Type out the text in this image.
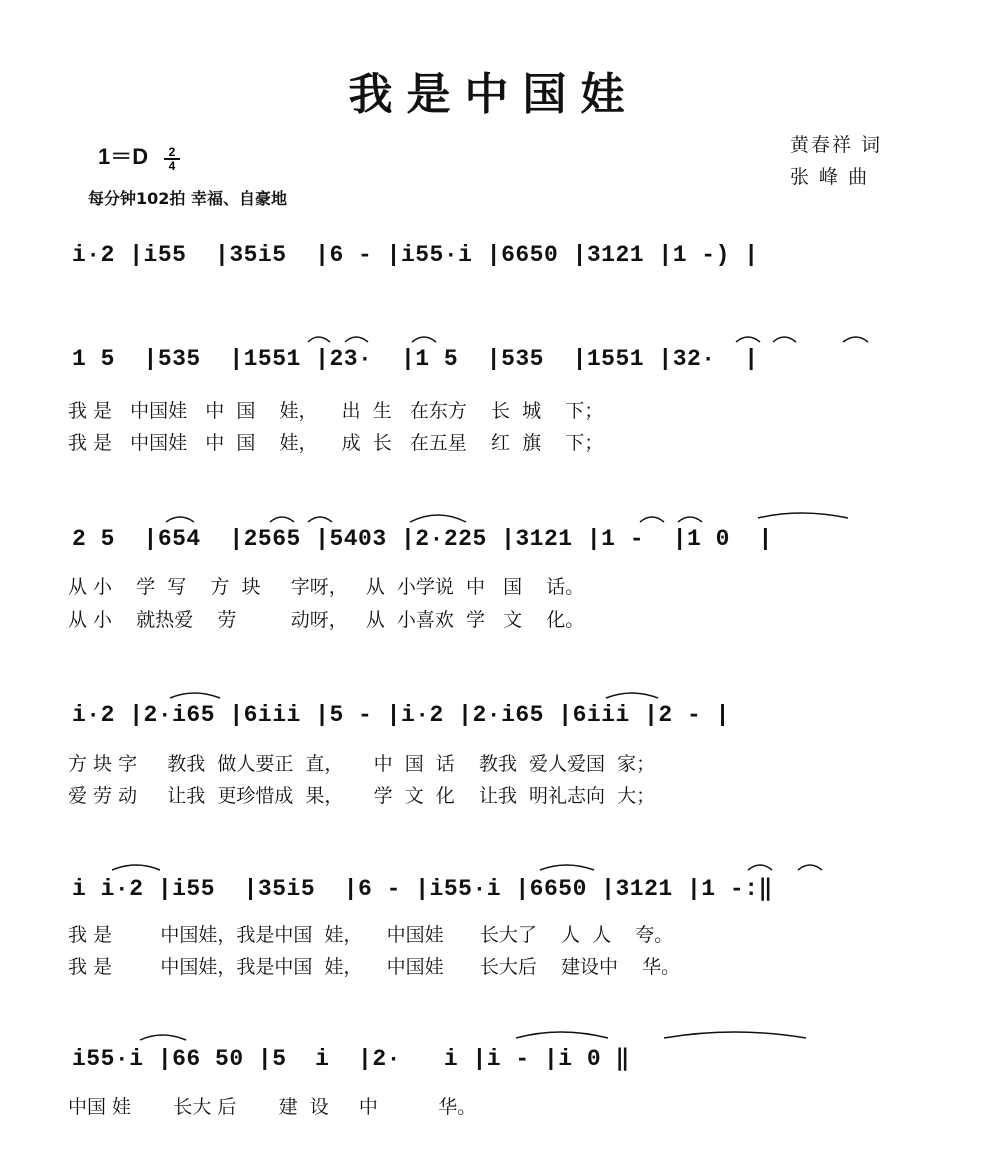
我是中国娃
1＝D 2
4
每分钟102拍 幸福、自豪地
黄春祥 词
张 峰 曲
i·2 |i55  |35i5  |6 - |i55·i |6650 |3121 |1 -) |
1 5  |535  |1551 |23·  |1 5  |535  |1551 |32·  |
我 是   中国娃   中  国    娃，    出  生   在东方    长  城    下；
我 是   中国娃   中  国    娃，    成  长   在五星    红  旗    下；
2 5  |654  |2565 |5403 |2·225 |3121 |1 -  |1 0  |
从 小    学  写    方  块     字呀，   从  小学说  中   国    话。
从 小    就热爱    劳         动呀，   从  小喜欢  学   文    化。
i·2 |2·i65 |6iii |5 - |i·2 |2·i65 |6iii |2 - |
方 块 字     教我  做人要正  直，     中  国  话    教我  爱人爱国  家；
爱 劳 动     让我  更珍惜成  果，     学  文  化    让我  明礼志向  大；
i i·2 |i55  |35i5  |6 - |i55·i |6650 |3121 |1 -:‖
我 是        中国娃，我是中国  娃，    中国娃      长大了    人  人    夸。
我 是        中国娃，我是中国  娃，    中国娃      长大后    建设中    华。
i55·i |66 50 |5  i  |2·   i |i - |i 0 ‖
中国 娃       长大 后       建  设     中          华。
